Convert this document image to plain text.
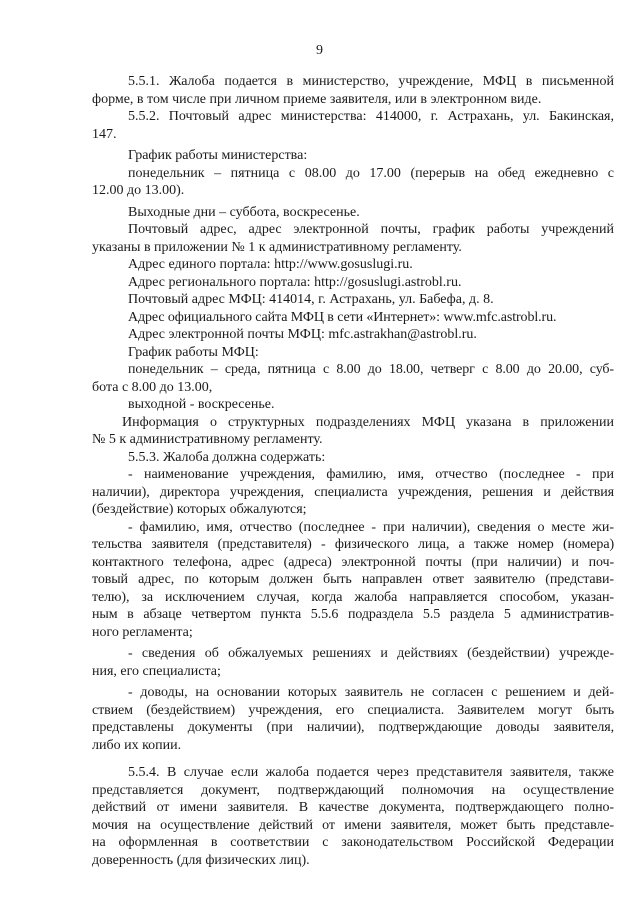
9
5.5.1. Жалоба подается в министерство, учреждение, МФЦ в письменной
форме, в том числе при личном приеме заявителя, или в электронном виде.
5.5.2. Почтовый адрес министерства: 414000, г. Астрахань, ул. Бакинская,
147.
График работы министерства:
понедельник – пятница с 08.00 до 17.00 (перерыв на обед ежедневно с
12.00 до 13.00).
Выходные дни – суббота, воскресенье.
Почтовый адрес, адрес электронной почты, график работы учреждений
указаны в приложении № 1 к административному регламенту.
Адрес единого портала: http://www.gosuslugi.ru.
Адрес регионального портала: http://gosuslugi.astrobl.ru.
Почтовый адрес МФЦ: 414014, г. Астрахань, ул. Бабефа, д. 8.
Адрес официального сайта МФЦ в сети «Интернет»: www.mfc.astrobl.ru.
Адрес электронной почты МФЦ: mfc.astrakhan@astrobl.ru.
График работы МФЦ:
понедельник – среда, пятница с 8.00 до 18.00, четверг с 8.00 до 20.00, суб-
бота с 8.00 до 13.00,
выходной - воскресенье.
Информация о структурных подразделениях МФЦ указана в приложении
№ 5 к административному регламенту.
5.5.3. Жалоба должна содержать:
- наименование учреждения, фамилию, имя, отчество (последнее - при
наличии), директора учреждения, специалиста учреждения, решения и действия
(бездействие) которых обжалуются;
- фамилию, имя, отчество (последнее - при наличии), сведения о месте жи-
тельства заявителя (представителя) - физического лица, а также номер (номера)
контактного телефона, адрес (адреса) электронной почты (при наличии) и поч-
товый адрес, по которым должен быть направлен ответ заявителю (представи-
телю), за исключением случая, когда жалоба направляется способом, указан-
ным в абзаце четвертом пункта 5.5.6 подраздела 5.5 раздела 5 административ-
ного регламента;
- сведения об обжалуемых решениях и действиях (бездействии) учрежде-
ния, его специалиста;
- доводы, на основании которых заявитель не согласен с решением и дей-
ствием (бездействием) учреждения, его специалиста. Заявителем могут быть
представлены документы (при наличии), подтверждающие доводы заявителя,
либо их копии.
5.5.4. В случае если жалоба подается через представителя заявителя, также
представляется документ, подтверждающий полномочия на осуществление
действий от имени заявителя. В качестве документа, подтверждающего полно-
мочия на осуществление действий от имени заявителя, может быть представле-
на оформленная в соответствии с законодательством Российской Федерации
доверенность (для физических лиц).
